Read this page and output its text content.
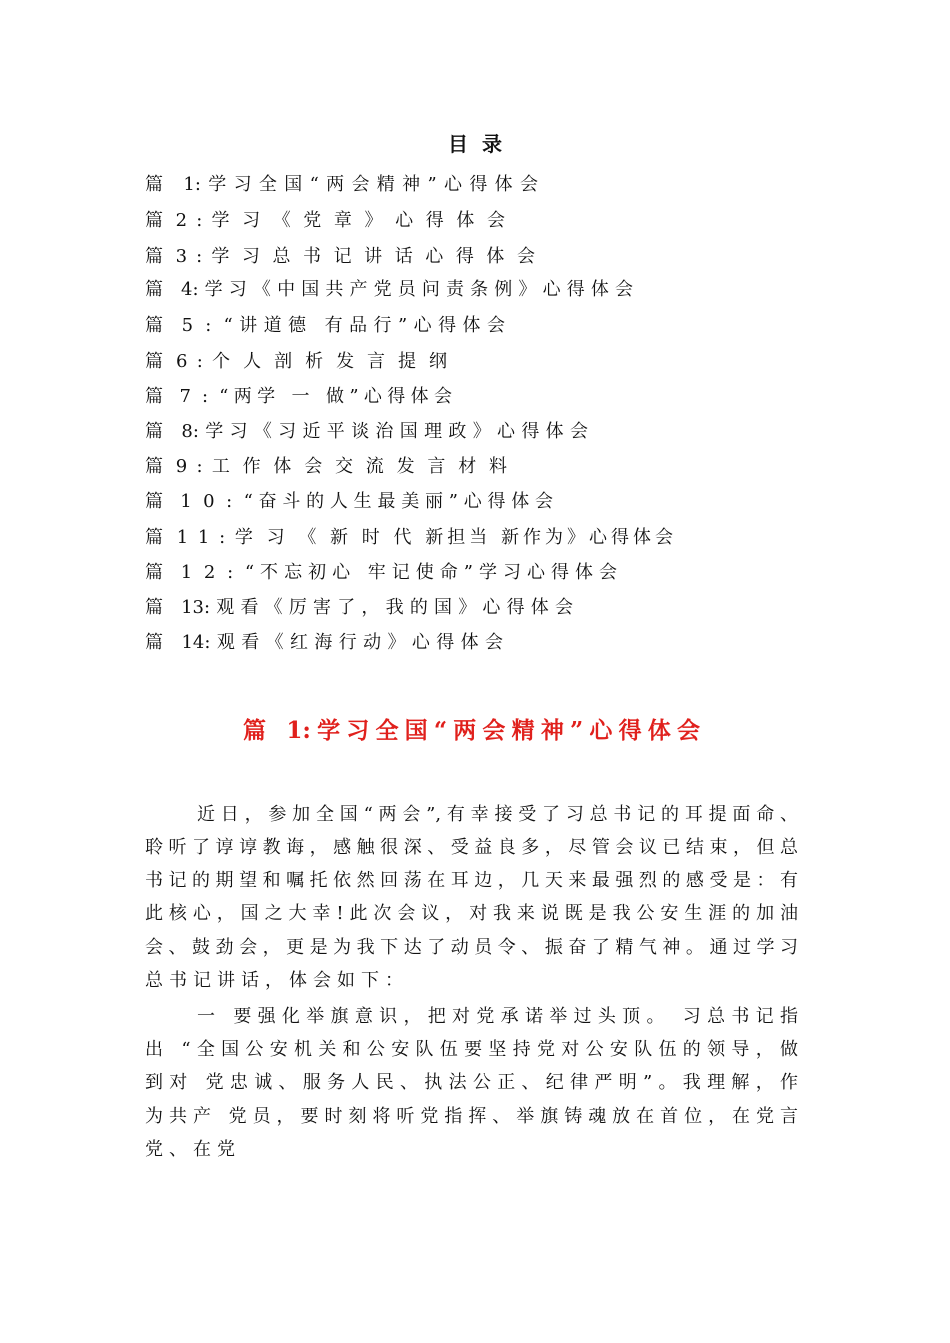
目录
篇 1:学习全国“两会精神”心得体会
篇 2 : 学 习 《 党 章 》 心 得 体 会
篇 3 : 学 习 总 书 记 讲 话 心 得 体 会
篇 4:学习《中国共产党员问责条例》心得体会
篇 5 : “讲道德 有品行”心得体会
篇 6 : 个 人 剖 析 发 言 提 纲
篇 7 : “两学 一 做”心得体会
篇 8:学习《习近平谈治国理政》心得体会
篇 9 : 工 作 体 会 交 流 发 言 材 料
篇 1 0 : “奋斗的人生最美丽”心得体会
篇 1 1 : 学 习 《 新 时 代 新担当 新作为》心得体会
篇 1 2 : “不忘初心 牢记使命”学习心得体会
篇 13:观看《厉害了，我的国》心得体会
篇 14:观看《红海行动》心得体会
篇 1:学习全国“两会精神”心得体会
近日，参加全国“两会”,有幸接受了习总书记的耳提面命、
聆听了谆谆教诲，感触很深、受益良多，尽管会议已结束，但总
书记的期望和嘱托依然回荡在耳边，几天来最强烈的感受是：有
此核心，国之大幸!此次会议，对我来说既是我公安生涯的加油
会、鼓劲会，更是为我下达了动员令、振奋了精气神。通过学习
总书记讲话，体会如下：
一 要强化举旗意识，把对党承诺举过头顶。 习总书记指
出 “全国公安机关和公安队伍要坚持党对公安队伍的领导，做
到对 党忠诚、服务人民、执法公正、纪律严明”。我理解，作
为共产 党员，要时刻将听党指挥、举旗铸魂放在首位，在党言
党、在党
